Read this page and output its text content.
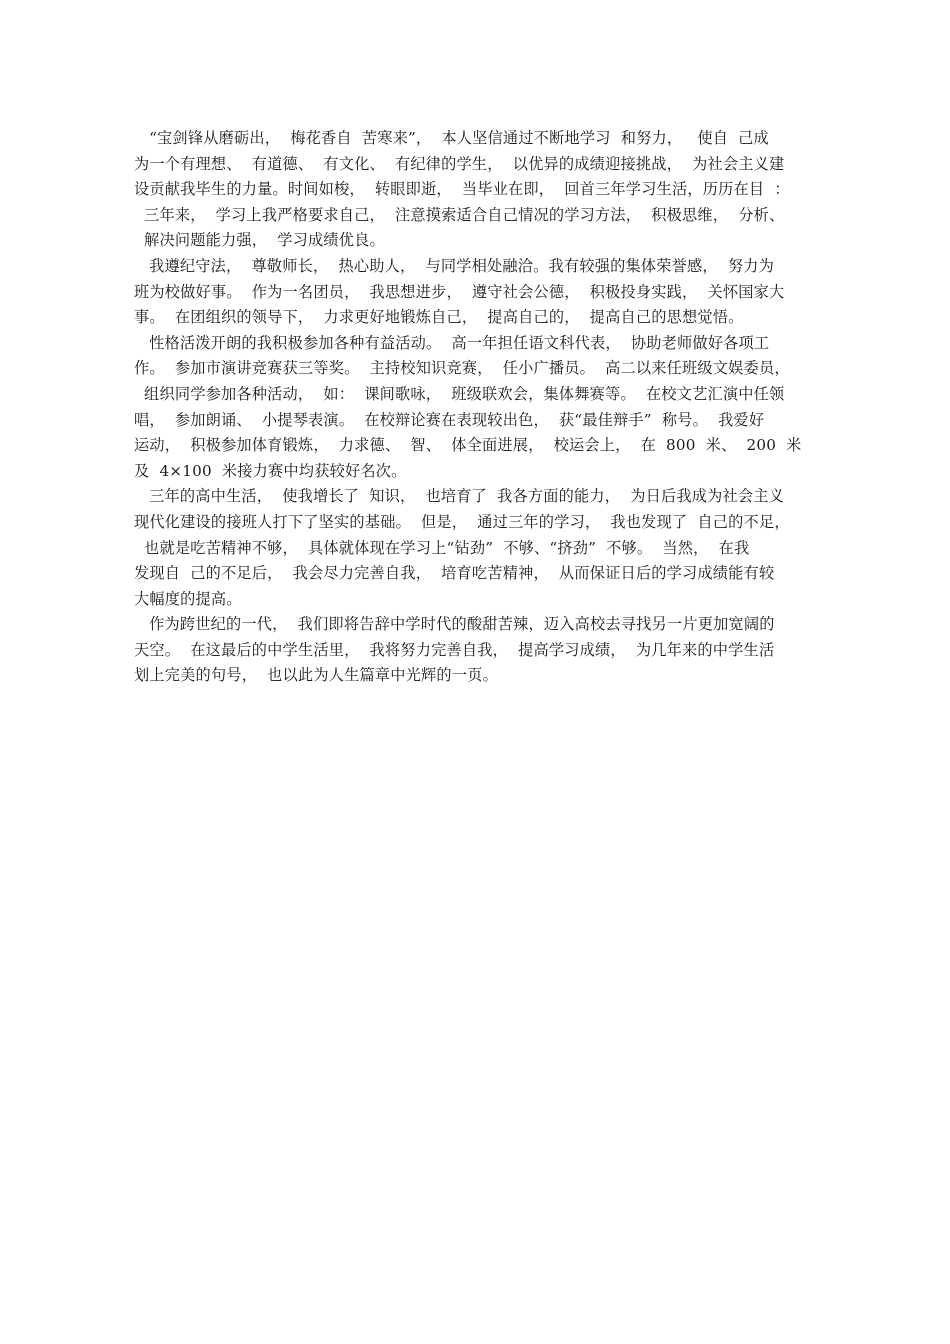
“宝剑锋从磨砺出，  梅花香自  苦寒来”，  本人坚信通过不断地学习  和努力，   使自  己成
为一个有理想、  有道德、  有文化、  有纪律的学生，  以优异的成绩迎接挑战，  为社会主义建
设贡献我毕生的力量。时间如梭，  转眼即逝，  当毕业在即，  回首三年学习生活，历历在目  ：
三年来，  学习上我严格要求自己，  注意摸索适合自己情况的学习方法，  积极思维，  分析、
解决问题能力强，  学习成绩优良。
我遵纪守法，  尊敬师长，  热心助人，  与同学相处融洽。我有较强的集体荣誉感，  努力为
班为校做好事。  作为一名团员，  我思想进步，  遵守社会公德，  积极投身实践，  关怀国家大
事。  在团组织的领导下，  力求更好地锻炼自己，  提高自己的，  提高自己的思想觉悟。
性格活泼开朗的我积极参加各种有益活动。  高一年担任语文科代表，  协助老师做好各项工
作。  参加市演讲竞赛获三等奖。  主持校知识竞赛，  任小广播员。  高二以来任班级文娱委员，
组织同学参加各种活动，  如：  课间歌咏，  班级联欢会，集体舞赛等。  在校文艺汇演中任领
唱，  参加朗诵、  小提琴表演。  在校辩论赛在表现较出色，  获“最佳辩手”  称号。  我爱好
运动，  积极参加体育锻炼，  力求德、  智、  体全面进展，  校运会上，  在  800  米、  200  米
及  4×100  米接力赛中均获较好名次。
三年的高中生活，  使我增长了  知识，  也培育了  我各方面的能力，  为日后我成为社会主义
现代化建设的接班人打下了坚实的基础。  但是，  通过三年的学习，  我也发现了  自己的不足，
也就是吃苦精神不够，  具体就体现在学习上“钻劲”  不够、“挤劲”  不够。  当然，  在我
发现自  己的不足后，  我会尽力完善自我，  培育吃苦精神，  从而保证日后的学习成绩能有较
大幅度的提高。
作为跨世纪的一代，  我们即将告辞中学时代的酸甜苦辣，迈入高校去寻找另一片更加宽阔的
天空。  在这最后的中学生活里，  我将努力完善自我，  提高学习成绩，  为几年来的中学生活
划上完美的句号，  也以此为人生篇章中光辉的一页。
